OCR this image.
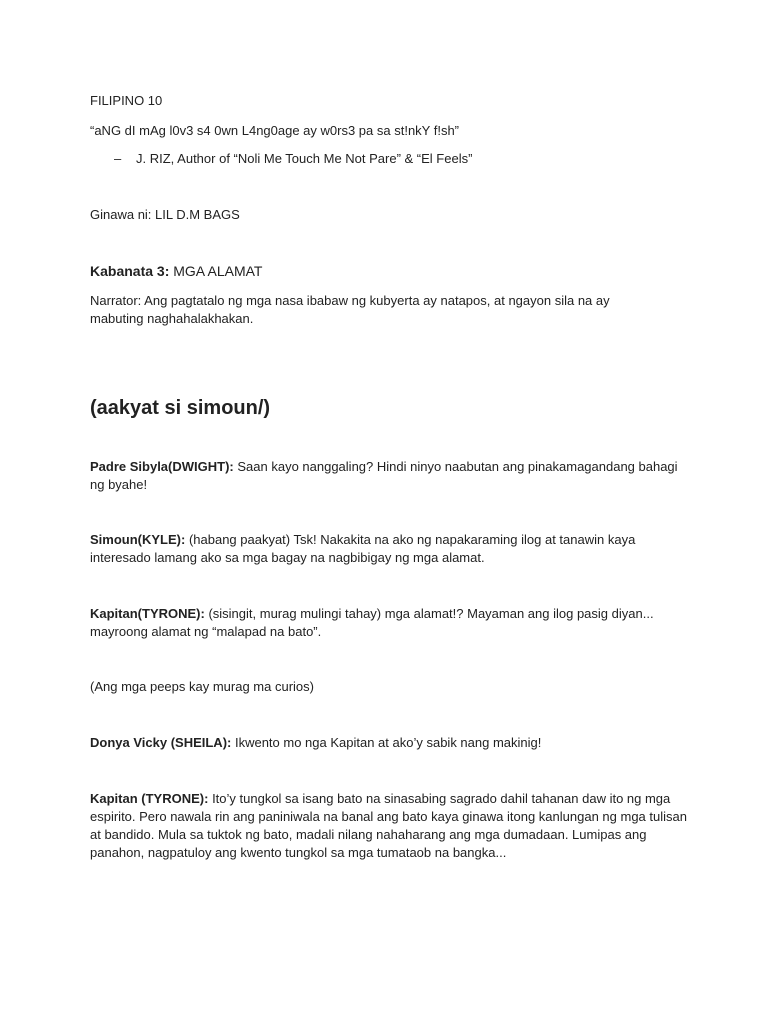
FILIPINO 10
“aNG dI mAg l0v3 s4 0wn L4ng0age ay w0rs3 pa sa st!nkY f!sh”
– J. RIZ, Author of “Noli Me Touch Me Not Pare” & “El Feels”
Ginawa ni: LIL D.M BAGS
Kabanata 3: MGA ALAMAT
Narrator: Ang pagtatalo ng mga nasa ibabaw ng kubyerta ay natapos, at ngayon sila na ay mabuting naghahalakhakan.
(aakyat si simoun/)
Padre Sibyla(DWIGHT): Saan kayo nanggaling? Hindi ninyo naabutan ang pinakamagandang bahagi ng byahe!
Simoun(KYLE): (habang paakyat) Tsk! Nakakita na ako ng napakaraming ilog at tanawin kaya interesado lamang ako sa mga bagay na nagbibigay ng mga alamat.
Kapitan(TYRONE): (sisingit, murag mulingi tahay) mga alamat!? Mayaman ang ilog pasig diyan... mayroong alamat ng “malapad na bato”.
(Ang mga peeps kay murag ma curios)
Donya Vicky (SHEILA): Ikwento mo nga Kapitan at ako’y sabik nang makinig!
Kapitan (TYRONE): Ito’y tungkol sa isang bato na sinasabing sagrado dahil tahanan daw ito ng mga espirito. Pero nawala rin ang paniniwala na banal ang bato kaya ginawa itong kanlungan ng mga tulisan at bandido. Mula sa tuktok ng bato, madali nilang nahaharang ang mga dumadaan. Lumipas ang panahon, nagpatuloy ang kwento tungkol sa mga tumataob na bangka...
